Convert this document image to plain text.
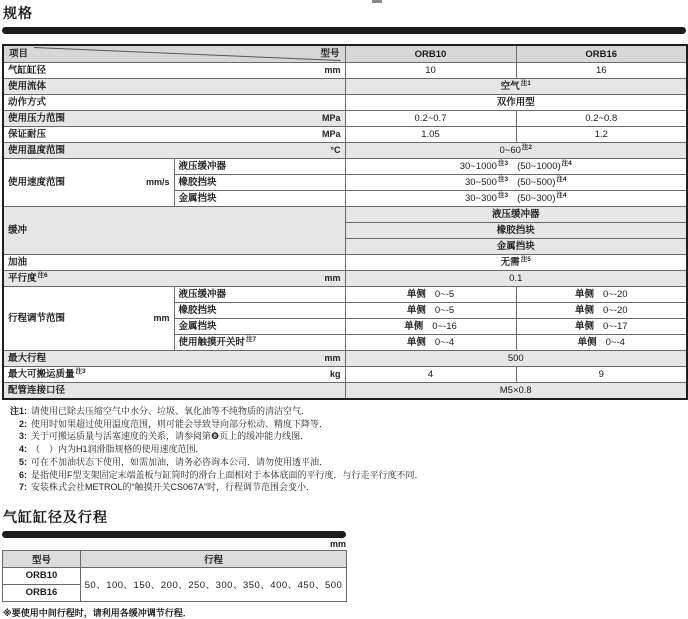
规格
项目 型号		ORB10	ORB16

mm
气缸缸径		10	16
使用流体		空气$^{注1}$
动作方式		双作用型	

MPa
使用压力范围		0.2~0.7	0.2~0.8

MPa
保证耐压		1.05	1.2

°C
使用温度范围		0~60$^{注2}$

mm/s
使用速度范围	液压缓冲器	30~1000$^{注3}$ (50~1000)$^{注4}$
	橡胶挡块	30~500$^{注3}$ (50~500)$^{注4}$
	金属挡块	30~300$^{注3}$ (50~300)$^{注4}$
缓冲		液压缓冲器	
		橡胶挡块	
		金属挡块	
加油		无需$^{注5}$

mm
平行度$^{注6}$		0.1	

mm
行程调节范围	液压缓冲器	单侧 0~-5	单侧 0~-20
	橡胶挡块	单侧 0~-5	单侧 0~-20
	金属挡块	单侧 0~-16	单侧 0~-17
	使用触摸开关时$^{注7}$	单侧 0~-4	单侧 0~-4

mm
最大行程		500	

kg
最大可搬运质量$^{注3}$		4	9
配管连接口径		M5×0.8	
注1: 请使用已除去压缩空气中水分、垃圾、氧化油等不纯物质的清洁空气．
2: 使用时如果超过使用温度范围，则可能会导致导向部分松动、精度下降等．
3: 关于可搬运质量与活塞速度的关系，请参阅第❽页上的缓冲能力线图．
4: （　）内为H1润滑脂规格的使用速度范围．
5: 可在不加油状态下使用，如需加油，请务必咨询本公司．请勿使用透平油．
6: 是指使用F型支架固定末端盖板与缸筒时的滑台上面相对于本体底面的平行度．与行走平行度不同．
7: 安装株式会社METROL的“触摸开关CS067A”时，行程调节范围会变小．
气缸缸径及行程
mm
型号	行程
ORB10	50、100、150、200、250、300、350、400、450、500
ORB16	
※要使用中间行程时，请利用各缓冲调节行程．
